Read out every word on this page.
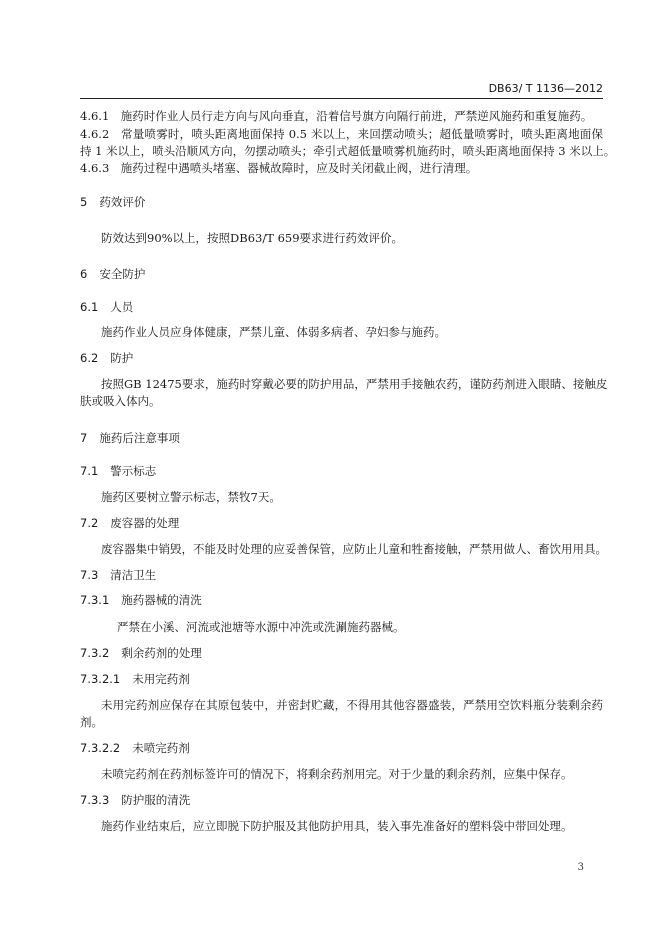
DB63/ T 1136—2012
4.6.1　施药时作业人员行走方向与风向垂直，沿着信号旗方向隔行前进，严禁逆风施药和重复施药。
4.6.2　常量喷雾时，喷头距离地面保持 0.5 米以上，来回摆动喷头；超低量喷雾时，喷头距离地面保
持 1 米以上，喷头沿顺风方向，勿摆动喷头；牵引式超低量喷雾机施药时，喷头距离地面保持 3 米以上。
4.6.3　施药过程中遇喷头堵塞、器械故障时，应及时关闭截止阀，进行清理。
5 药效评价
防效达到90%以上，按照DB63/T 659要求进行药效评价。
6 安全防护
6.1 人员
施药作业人员应身体健康，严禁儿童、体弱多病者、孕妇参与施药。
6.2 防护
按照GB 12475要求，施药时穿戴必要的防护用品，严禁用手接触农药，谨防药剂进入眼睛、接触皮
肤或吸入体内。
7 施药后注意事项
7.1 警示标志
施药区要树立警示标志，禁牧7天。
7.2 废容器的处理
废容器集中销毁，不能及时处理的应妥善保管，应防止儿童和牲畜接触，严禁用做人、畜饮用用具。
7.3 清洁卫生
7.3.1 施药器械的清洗
严禁在小溪、河流或池塘等水源中冲洗或洗涮施药器械。
7.3.2 剩余药剂的处理
7.3.2.1 未用完药剂
未用完药剂应保存在其原包装中，并密封贮藏，不得用其他容器盛装，严禁用空饮料瓶分装剩余药
剂。
7.3.2.2 未喷完药剂
未喷完药剂在药剂标签许可的情况下，将剩余药剂用完。对于少量的剩余药剂，应集中保存。
7.3.3 防护服的清洗
施药作业结束后，应立即脱下防护服及其他防护用具，装入事先准备好的塑料袋中带回处理。
3
